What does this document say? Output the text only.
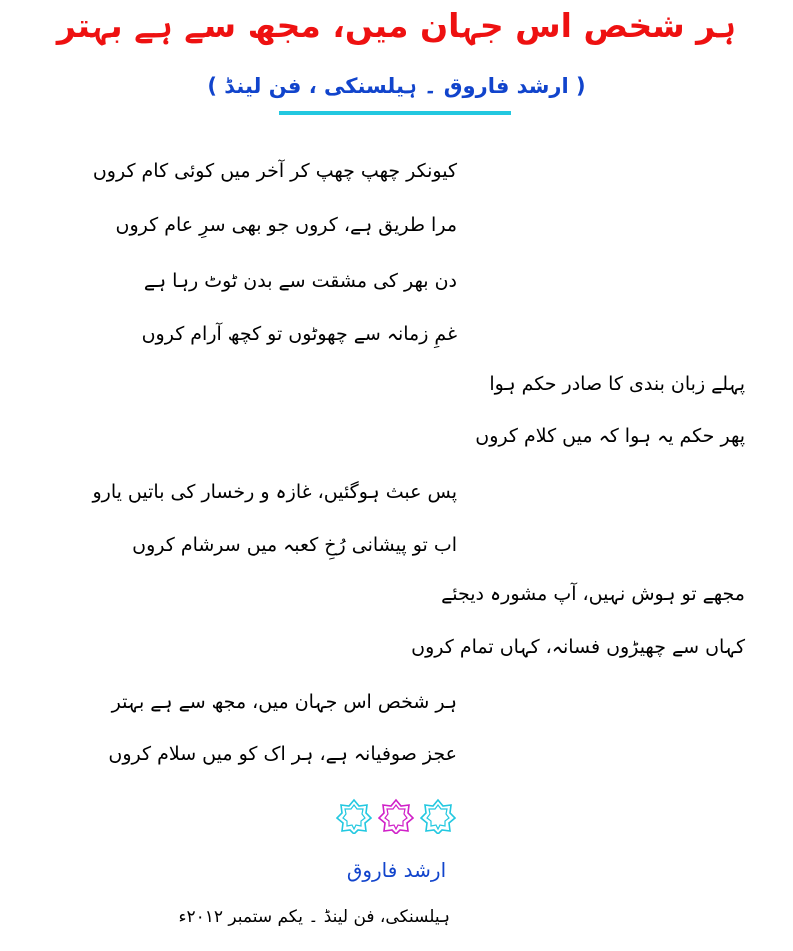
ہر شخص اس جہان میں، مجھ سے ہے بہتر
( ارشد فاروق ۔ ہیلسنکی ، فن لینڈ )
کیونکر چھپ چھپ کر آخر میں کوئی کام کروں
مرا طریق ہے، کروں جو بھی سرِ عام کروں
دن بھر کی مشقت سے بدن ٹوٹ رہا ہے
غمِ زمانہ سے چھوٹوں تو کچھ آرام کروں
پہلے زبان بندی کا صادر حکم ہوا
پھر حکم یہ ہوا کہ میں کلام کروں
پس عبث ہوگئیں، غازہ و رخسار کی باتیں یارو
اب تو پیشانی رُخِ کعبہ میں سرشام کروں
مجھے تو ہوش نہیں، آپ مشورہ دیجئے
کہاں سے چھیڑوں فسانہ، کہاں تمام کروں
ہر شخص اس جہان میں، مجھ سے ہے بہتر
عجز صوفیانہ ہے، ہر اک کو میں سلام کروں
ارشد فاروق
ہیلسنکی، فن لینڈ ۔ یکم ستمبر ۲۰۱۲ء
